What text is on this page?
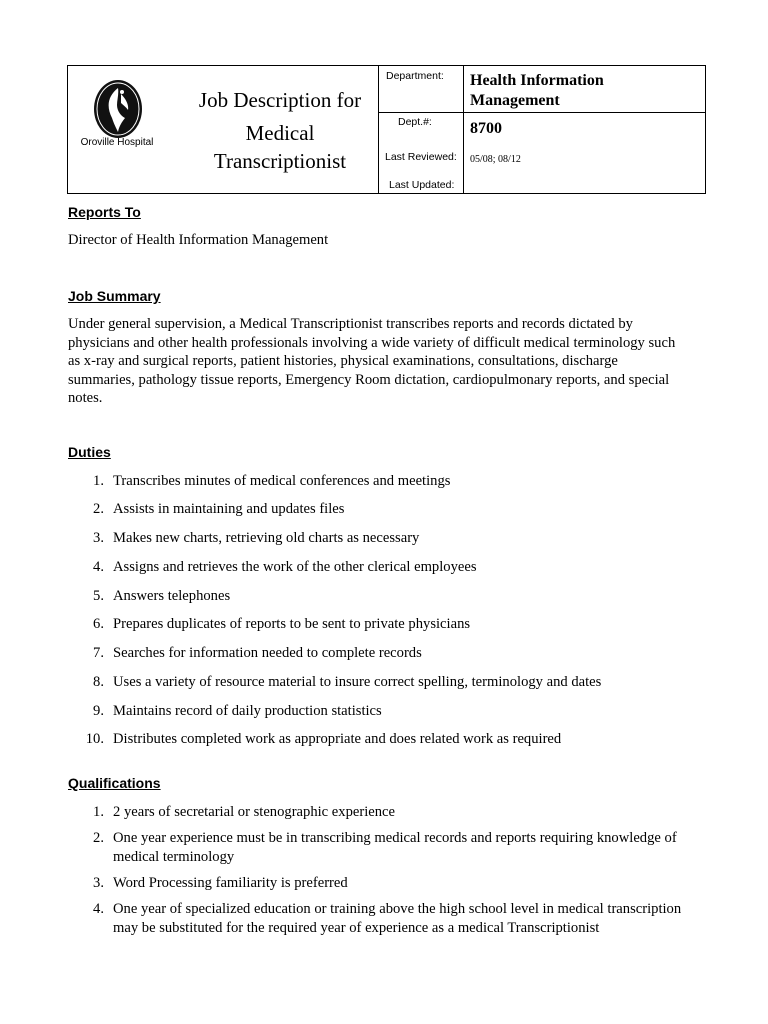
Oroville Hospital
Job Description for
Medical
Transcriptionist
Department:
Dept.#:
Last Reviewed:
Last Updated:
Health Information
Management
8700
05/08; 08/12
Reports To
Director of Health Information Management
Job Summary
Under general supervision, a Medical Transcriptionist transcribes reports and records dictated by
physicians and other health professionals involving a wide variety of difficult medical terminology such
as x-ray and surgical reports, patient histories, physical examinations, consultations, discharge
summaries, pathology tissue reports, Emergency Room dictation, cardiopulmonary reports, and special
notes.
Duties
1. Transcribes minutes of medical conferences and meetings
2. Assists in maintaining and updates files
3. Makes new charts, retrieving old charts as necessary
4. Assigns and retrieves the work of the other clerical employees
5. Answers telephones
6. Prepares duplicates of reports to be sent to private physicians
7. Searches for information needed to complete records
8. Uses a variety of resource material to insure correct spelling, terminology and dates
9. Maintains record of daily production statistics
10. Distributes completed work as appropriate and does related work as required
Qualifications
1. 2 years of secretarial or stenographic experience
2. One year experience must be in transcribing medical records and reports requiring knowledge of
medical terminology
3. Word Processing familiarity is preferred
4. One year of specialized education or training above the high school level in medical transcription
may be substituted for the required year of experience as a medical Transcriptionist
